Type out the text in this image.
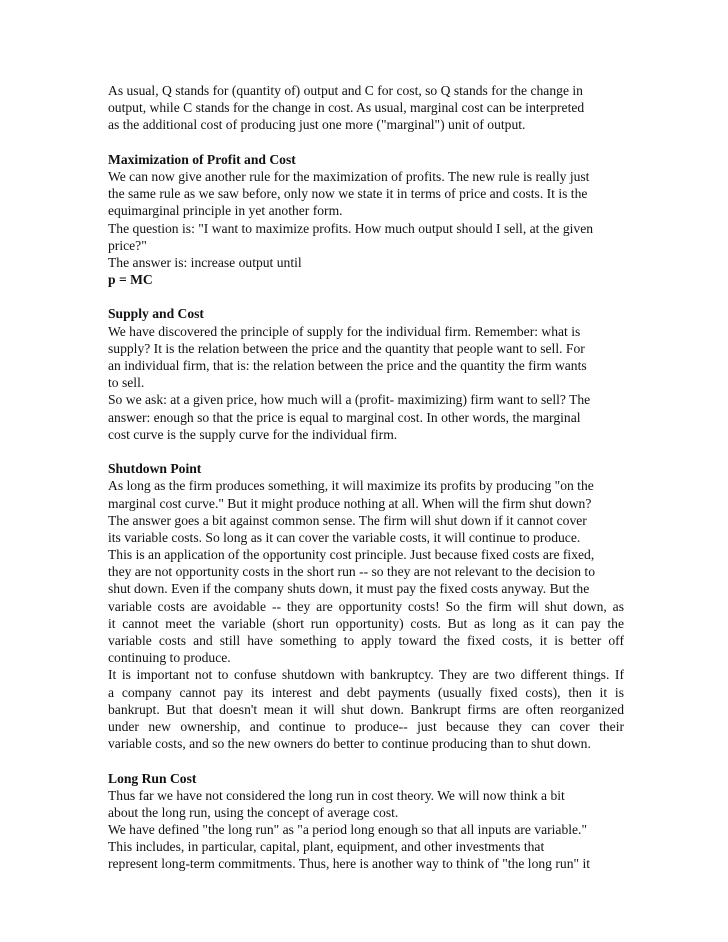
As usual, Q stands for (quantity of) output and C for cost, so Q stands for the change in
output, while C stands for the change in cost. As usual, marginal cost can be interpreted
as the additional cost of producing just one more ("marginal") unit of output.
Maximization of Profit and Cost
We can now give another rule for the maximization of profits. The new rule is really just
the same rule as we saw before, only now we state it in terms of price and costs. It is the
equimarginal principle in yet another form.
The question is: "I want to maximize profits. How much output should I sell, at the given
price?"
The answer is: increase output until
p = MC
Supply and Cost
We have discovered the principle of supply for the individual firm. Remember: what is
supply? It is the relation between the price and the quantity that people want to sell. For
an individual firm, that is: the relation between the price and the quantity the firm wants
to sell.
So we ask: at a given price, how much will a (profit- maximizing) firm want to sell? The
answer: enough so that the price is equal to marginal cost. In other words, the marginal
cost curve is the supply curve for the individual firm.
Shutdown Point
As long as the firm produces something, it will maximize its profits by producing "on the
marginal cost curve." But it might produce nothing at all. When will the firm shut down?
The answer goes a bit against common sense. The firm will shut down if it cannot cover
its variable costs. So long as it can cover the variable costs, it will continue to produce.
This is an application of the opportunity cost principle. Just because fixed costs are fixed,
they are not opportunity costs in the short run -- so they are not relevant to the decision to
shut down. Even if the company shuts down, it must pay the fixed costs anyway. But the
variable costs are avoidable -- they are opportunity costs! So the firm will shut down, as
it cannot meet the variable (short run opportunity) costs. But as long as it can pay the
variable costs and still have something to apply toward the fixed costs, it is better off
continuing to produce.
It is important not to confuse shutdown with bankruptcy. They are two different things. If
a company cannot pay its interest and debt payments (usually fixed costs), then it is
bankrupt. But that doesn't mean it will shut down. Bankrupt firms are often reorganized
under new ownership, and continue to produce-- just because they can cover their
variable costs, and so the new owners do better to continue producing than to shut down.
Long Run Cost
Thus far we have not considered the long run in cost theory. We will now think a bit
about the long run, using the concept of average cost.
We have defined "the long run" as "a period long enough so that all inputs are variable."
This includes, in particular, capital, plant, equipment, and other investments that
represent long-term commitments. Thus, here is another way to think of "the long run" it
